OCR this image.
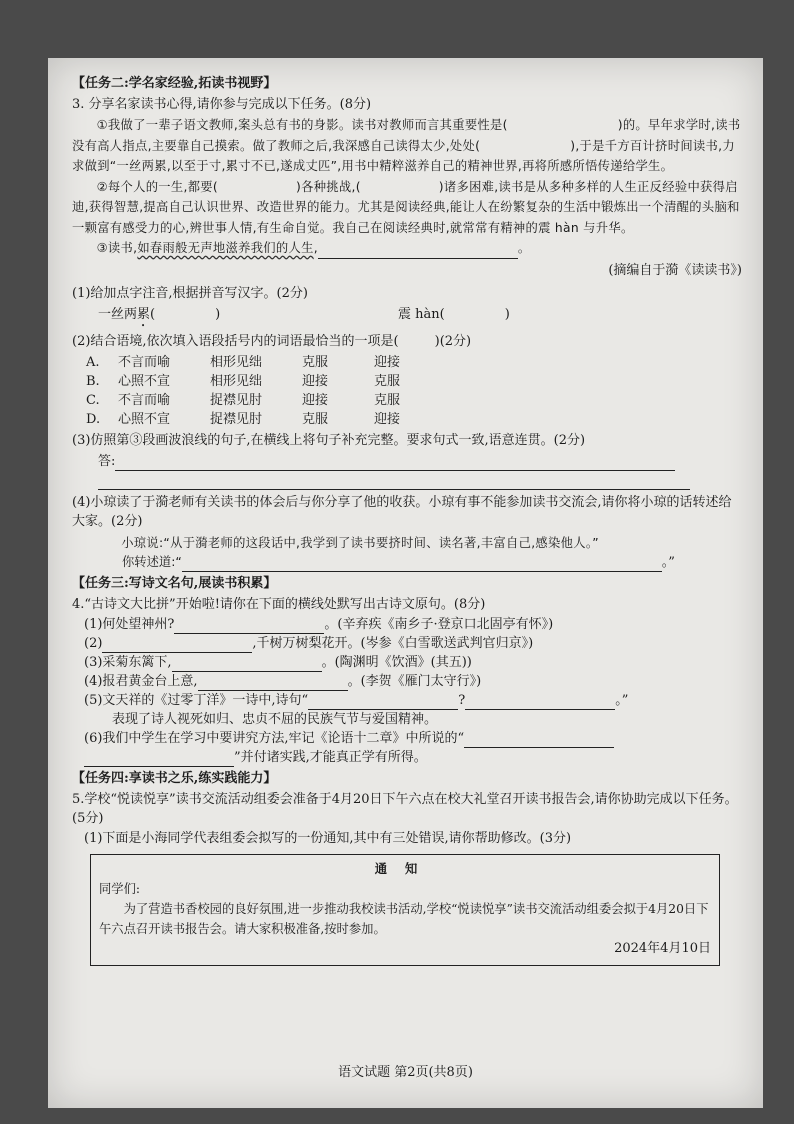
【任务二:学名家经验,拓读书视野】
3. 分享名家读书心得,请你参与完成以下任务。(8分)

①我做了一辈子语文教师,案头总有书的身影。读书对教师而言其重要性是(	)的。早年求学时,读书没有高人指点,主要靠自己摸索。做了教师之后,我深感自己读得太少,处处(	),于是千方百计挤时间读书,力求做到“一丝两累,以至于寸,累寸不已,遂成丈匹”,用书中精粹滋养自己的精神世界,再将所感所悟传递给学生。

②每个人的一生,都要(	)各种挑战,(	)诸多困难,读书是从多种多样的人生正反经验中获得启迪,获得智慧,提高自己认识世界、改造世界的能力。尤其是阅读经典,能让人在纷繁复杂的生活中锻炼出一个清醒的头脑和一颗富有感受力的心,辨世事人情,有生命自觉。我自己在阅读经典时,就常常有精神的震 hàn 与升华。

③读书,如春雨般无声地滋养我们的人生,	。

(摘编自于漪《读读书》)
(1)给加点字注音,根据拼音写汉字。(2分)
一丝两累(	)	震 hàn(	)
(2)结合语境,依次填入语段括号内的词语最恰当的一项是(	)(2分)
A.	不言而喻	相形见绌	克服	迎接
B.	心照不宣	相形见绌	迎接	克服
C.	不言而喻	捉襟见肘	迎接	克服
D.	心照不宣	捉襟见肘	克服	迎接
(3)仿照第③段画波浪线的句子,在横线上将句子补充完整。要求句式一致,语意连贯。(2分)
答:
(4)小琼读了于漪老师有关读书的体会后与你分享了他的收获。小琼有事不能参加读书交流会,请你将小琼的话转述给大家。(2分)

小琼说:“从于漪老师的这段话中,我学到了读书要挤时间、读名著,丰富自己,感染他人。”

你转述道:“	。”
【任务三:写诗文名句,展读书积累】
4.“古诗文大比拼”开始啦!请你在下面的横线处默写出古诗文原句。(8分)
(1)何处望神州?	。(辛弃疾《南乡子·登京口北固亭有怀》)
(2)	,千树万树梨花开。(岑参《白雪歌送武判官归京》)
(3)采菊东篱下,	。(陶渊明《饮酒》(其五))
(4)报君黄金台上意,	。(李贺《雁门太守行》)
(5)文天祥的《过零丁洋》一诗中,诗句“	?	。”
表现了诗人视死如归、忠贞不屈的民族气节与爱国精神。
(6)我们中学生在学习中要讲究方法,牢记《论语十二章》中所说的“
”并付诸实践,才能真正学有所得。
【任务四:享读书之乐,练实践能力】
5.学校“悦读悦享”读书交流活动组委会准备于4月20日下午六点在校大礼堂召开读书报告会,请你协助完成以下任务。(5分)
(1)下面是小海同学代表组委会拟写的一份通知,其中有三处错误,请你帮助修改。(3分)
通知
同学们:
为了营造书香校园的良好氛围,进一步推动我校读书活动,学校“悦读悦享”读书交流活动组委会拟于4月20日下午六点召开读书报告会。请大家积极准备,按时参加。
2024年4月10日
语文试题 第2页(共8页)
